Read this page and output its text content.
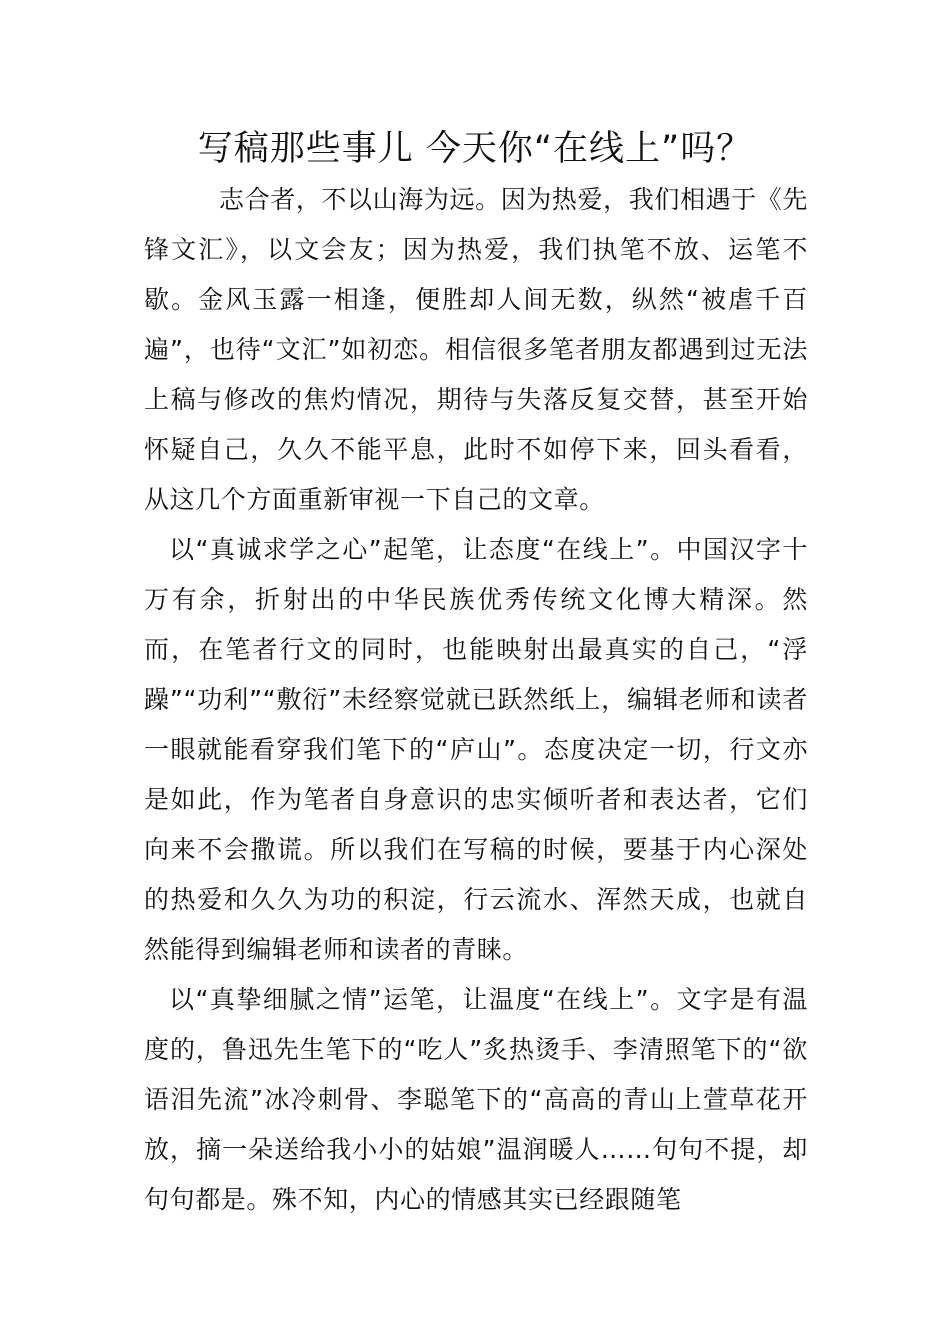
写稿那些事儿 今天你“在线上”吗？

志合者，不以山海为远。因为热爱，我们相遇于《先锋文汇》，以文会友；因为热爱，我们执笔不放、运笔不歇。金风玉露一相逢，便胜却人间无数，纵然“被虐千百遍”，也待“文汇”如初恋。相信很多笔者朋友都遇到过无法上稿与修改的焦灼情况，期待与失落反复交替，甚至开始怀疑自己，久久不能平息，此时不如停下来，回头看看，从这几个方面重新审视一下自己的文章。

以“真诚求学之心”起笔，让态度“在线上”。中国汉字十万有余，折射出的中华民族优秀传统文化博大精深。然而，在笔者行文的同时，也能映射出最真实的自己，“浮躁”“功利”“敷衍”未经察觉就已跃然纸上，编辑老师和读者一眼就能看穿我们笔下的“庐山”。态度决定一切，行文亦是如此，作为笔者自身意识的忠实倾听者和表达者，它们向来不会撒谎。所以我们在写稿的时候，要基于内心深处的热爱和久久为功的积淀，行云流水、浑然天成，也就自然能得到编辑老师和读者的青睐。

以“真挚细腻之情”运笔，让温度“在线上”。文字是有温度的，鲁迅先生笔下的“吃人”炙热烫手、李清照笔下的“欲语泪先流”冰冷刺骨、李聪笔下的“高高的青山上萱草花开放，摘一朵送给我小小的姑娘”温润暖人……句句不提，却句句都是。殊不知，内心的情感其实已经跟随笔
